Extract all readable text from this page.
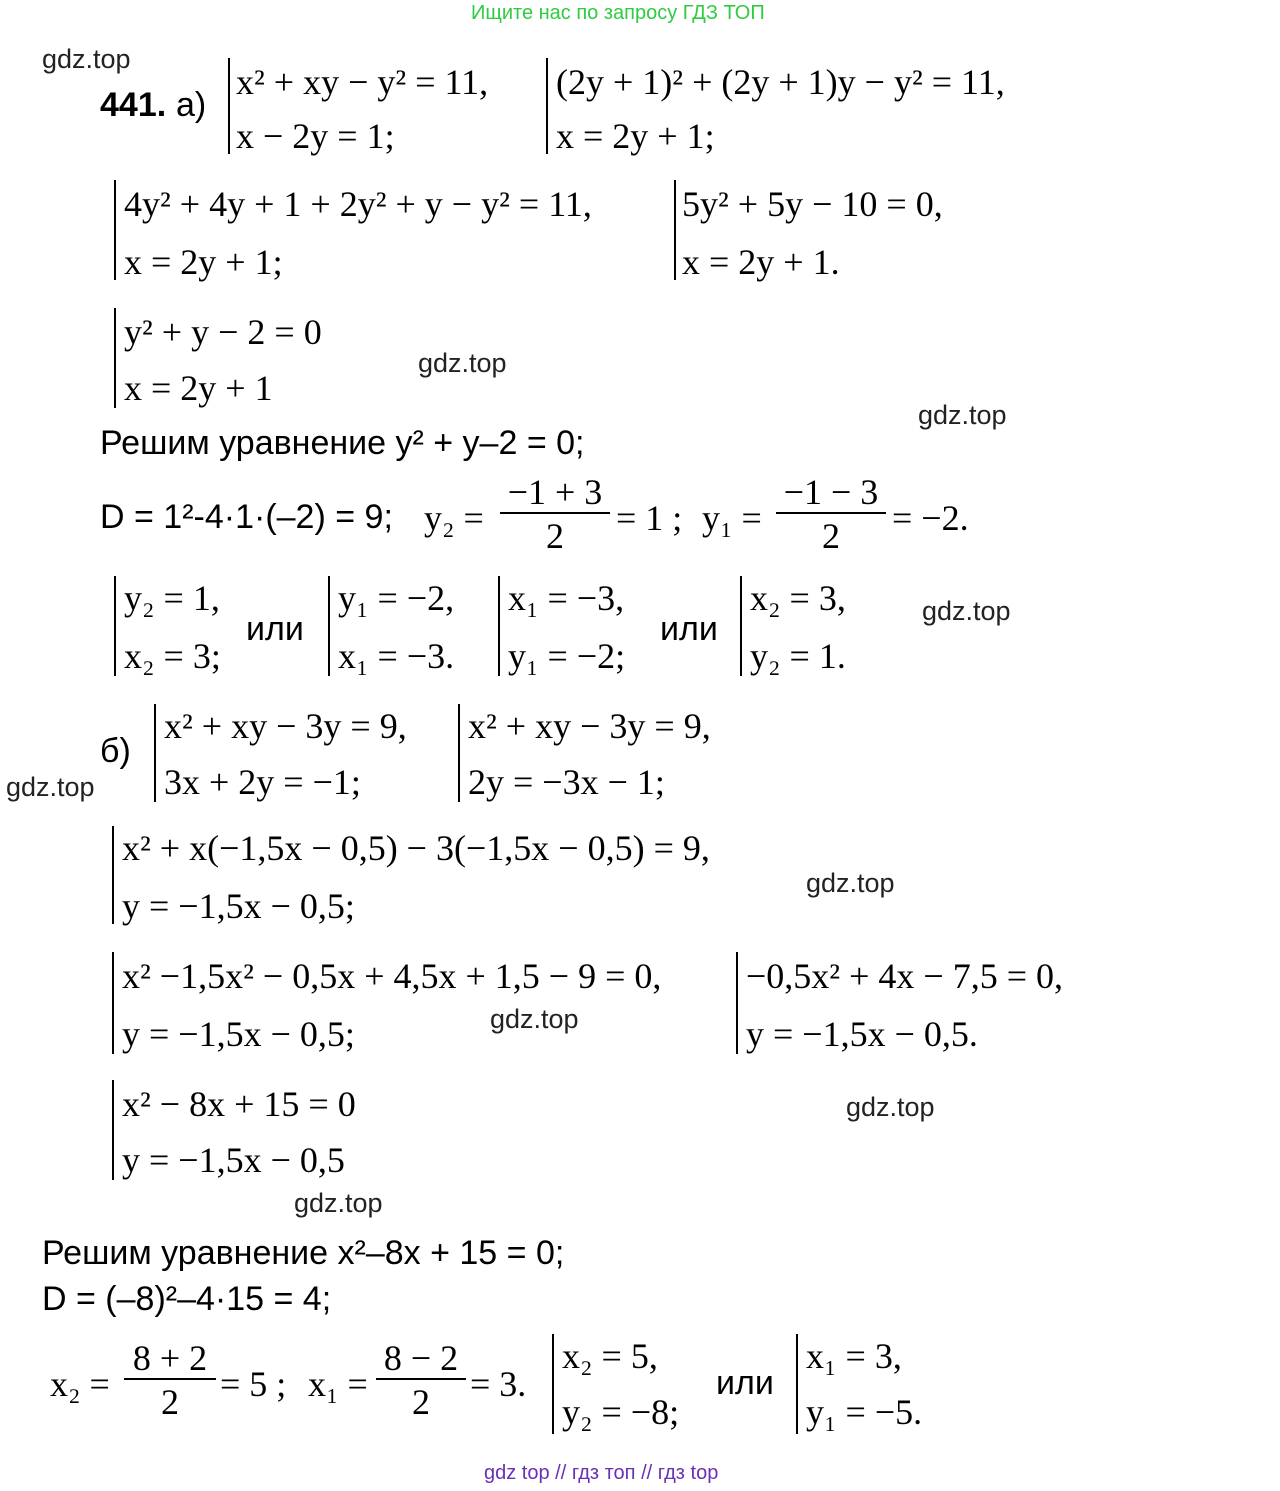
Ищите нас по запросу ГДЗ ТОП
gdz top // гдз топ // гдз top
gdz.top
gdz.top
gdz.top
gdz.top
gdz.top
gdz.top
gdz.top
gdz.top
gdz.top
441. а)
x² + xy − y² = 11,
x − 2y = 1;
(2y + 1)² + (2y + 1)y − y² = 11,
x = 2y + 1;
4y² + 4y + 1 + 2y² + y − y² = 11,
x = 2y + 1;
5y² + 5y − 10 = 0,
x = 2y + 1.
y² + y − 2 = 0
x = 2y + 1
Решим уравнение y² + y–2 = 0;
D = 1²-4·1·(–2) = 9; y₂ =
−1 + 3
2	= 1 ; y₁ =
−1 − 3
2	= −2.
y₂ = 1,
x₂ = 3;
или
y₁ = −2,
x₁ = −3.
x₁ = −3,
y₁ = −2;
или
x₂ = 3,
y₂ = 1.
б)
x² + xy − 3y = 9,
3x + 2y = −1;
x² + xy − 3y = 9,
2y = −3x − 1;
x² + x(−1,5x − 0,5) − 3(−1,5x − 0,5) = 9,
y = −1,5x − 0,5;
x² −1,5x² − 0,5x + 4,5x + 1,5 − 9 = 0,
y = −1,5x − 0,5;
−0,5x² + 4x − 7,5 = 0,
y = −1,5x − 0,5.
x² − 8x + 15 = 0
y = −1,5x − 0,5
Решим уравнение x²–8x + 15 = 0;
D = (–8)²–4·15 = 4;
x₂ =
8 + 2
2	= 5 ; x₁ =
8 − 2
2	= 3.
x₂ = 5,
y₂ = −8;
или
x₁ = 3,
y₁ = −5.
